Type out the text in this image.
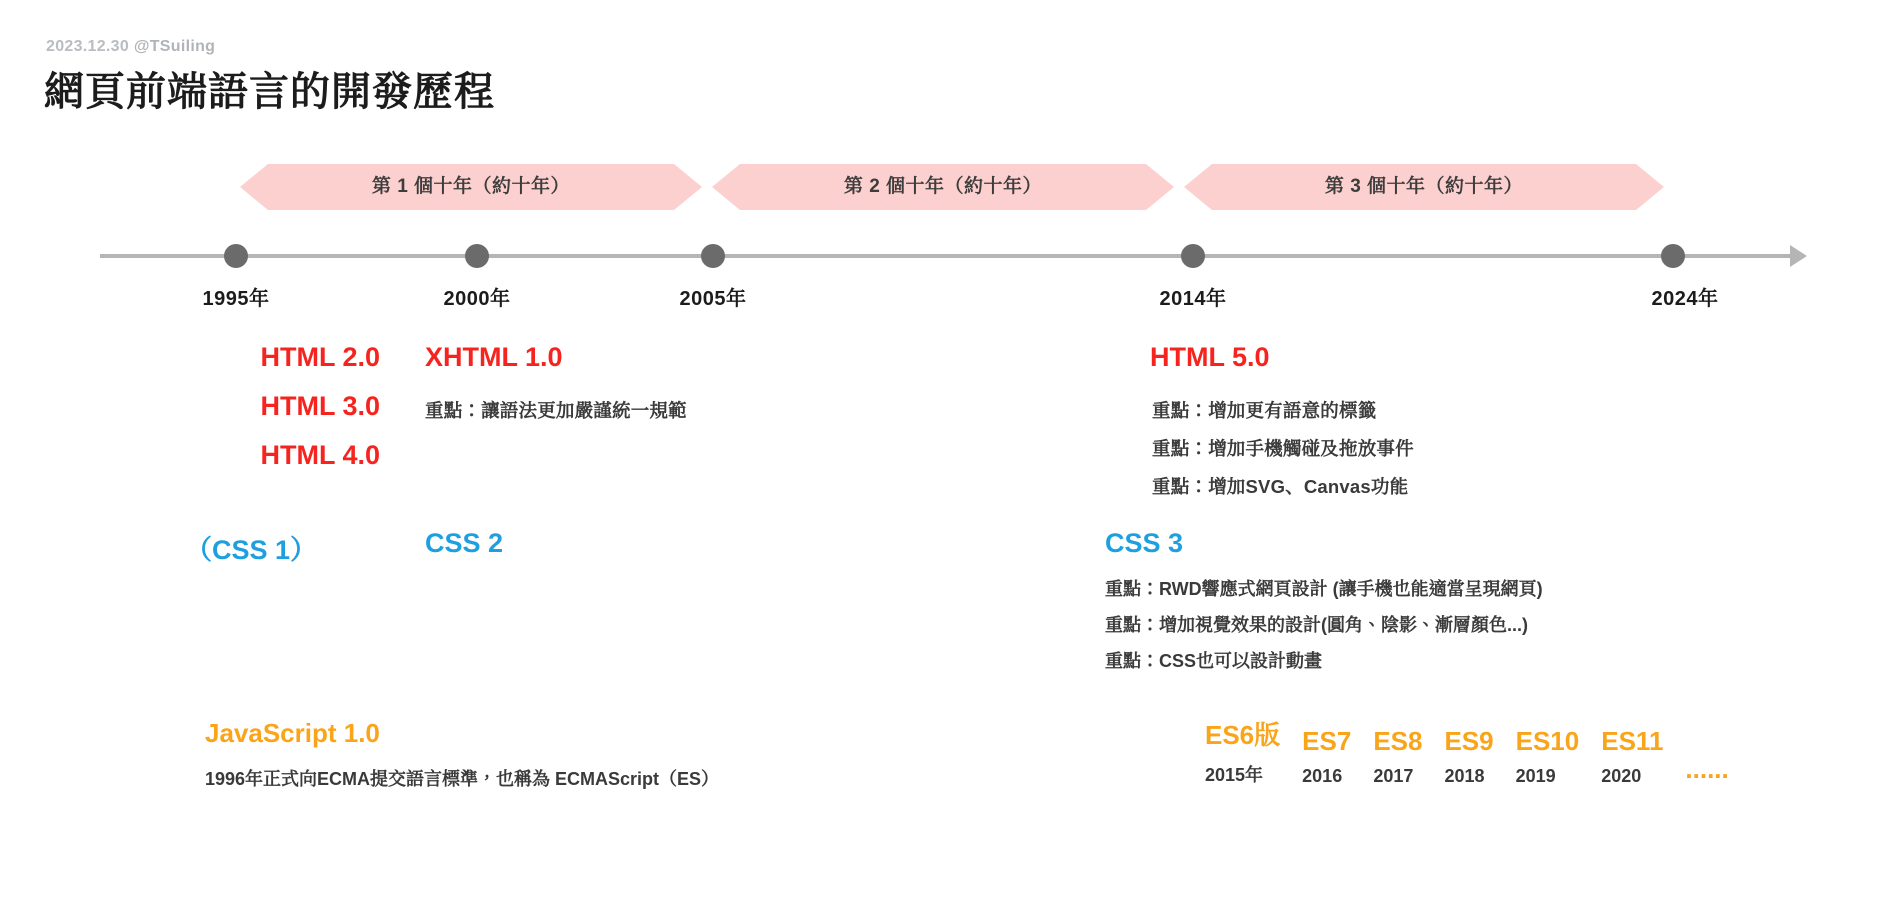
2023.12.30 @TSuiling
網頁前端語言的開發歷程
第 1 個十年（約十年）	第 2 個十年（約十年）	第 3 個十年（約十年）
1995年	2000年	2005年	2014年	2024年
HTML 2.0
HTML 3.0
HTML 4.0
XHTML 1.0
重點：讓語法更加嚴謹統一規範
HTML 5.0
重點：增加更有語意的標籤
重點：增加手機觸碰及拖放事件
重點：增加SVG、Canvas功能
（CSS 1）	CSS 2	CSS 3
重點：RWD響應式網頁設計 (讓手機也能適當呈現網頁)
重點：增加視覺效果的設計(圓角、陰影、漸層顏色...)
重點：CSS也可以設計動畫
JavaScript 1.0
1996年正式向ECMA提交語言標準，也稱為 ECMAScript（ES）
ES6版
2015年
ES7
2016
ES8
2017
ES9
2018
ES10
2019
ES11
2020	......
